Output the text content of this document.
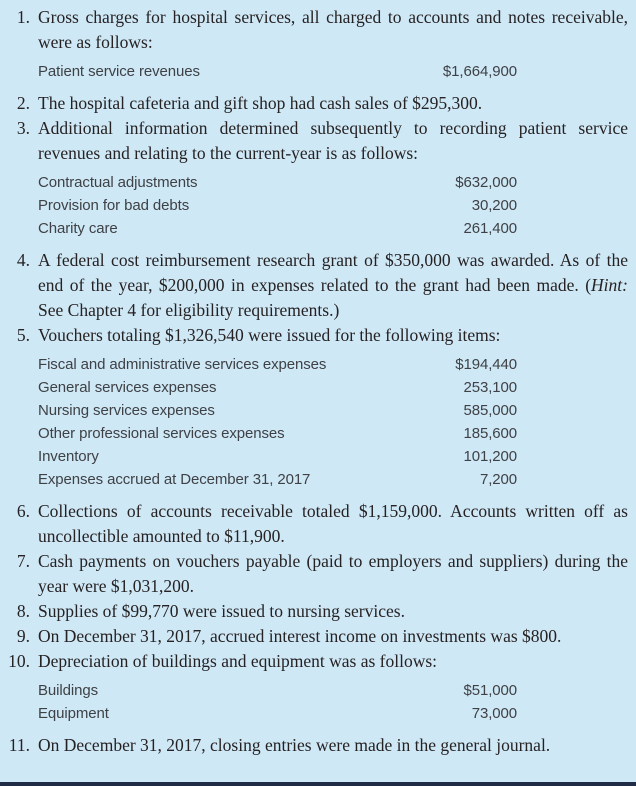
1. Gross charges for hospital services, all charged to accounts and notes receivable, were as follows:

Patient service revenues	$1,664,900
2. The hospital cafeteria and gift shop had cash sales of $295,300.

3. Additional information determined subsequently to recording patient service revenues and relating to the current-year is as follows:

Contractual adjustments	$632,000
Provision for bad debts	30,200
Charity care	261,400
4. A federal cost reimbursement research grant of $350,000 was awarded. As of the end of the year, $200,000 in expenses related to the grant had been made. (Hint: See Chapter 4 for eligibility requirements.)

5. Vouchers totaling $1,326,540 were issued for the following items:

Fiscal and administrative services expenses	$194,440
General services expenses	253,100
Nursing services expenses	585,000
Other professional services expenses	185,600
Inventory	101,200
Expenses accrued at December 31, 2017	7,200
6. Collections of accounts receivable totaled $1,159,000. Accounts written off as uncollectible amounted to $11,900.

7. Cash payments on vouchers payable (paid to employers and suppliers) during the year were $1,031,200.

8. Supplies of $99,770 were issued to nursing services.

9. On December 31, 2017, accrued interest income on investments was $800.

10. Depreciation of buildings and equipment was as follows:

Buildings	$51,000
Equipment	73,000
11. On December 31, 2017, closing entries were made in the general journal.
